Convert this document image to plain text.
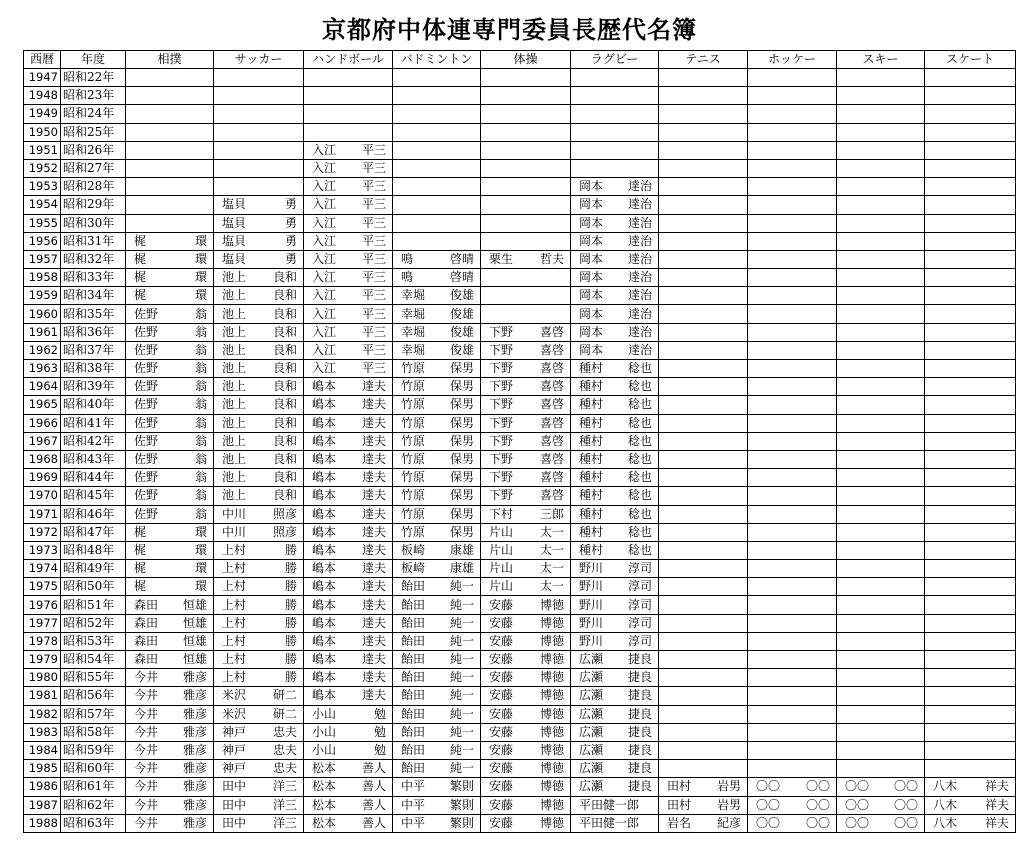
京都府中体連専門委員長歴代名簿
西暦	年度	相撲	サッカー	ハンドボール	バドミントン	体操	ラグビー	テニス	ホッケー	スキー	スケート
1947	昭和22年	

1948	昭和23年	

1949	昭和24年	

1950	昭和25年	

1951	昭和26年			入江 平三							

1952	昭和27年			入江 平三							

1953	昭和28年			入江 平三			岡本 達治				

1954	昭和29年		塩貝 勇	入江 平三			岡本 達治				

1955	昭和30年		塩貝 勇	入江 平三			岡本 達治				

1956	昭和31年	梶 環	塩貝 勇	入江 平三			岡本 達治				

1957	昭和32年	梶 環	塩貝 勇	入江 平三	鳴 啓晴	栗生 哲夫	岡本 達治				

1958	昭和33年	梶 環	池上 良和	入江 平三	鳴 啓晴		岡本 達治				

1959	昭和34年	梶 環	池上 良和	入江 平三	幸堀 俊雄		岡本 達治				

1960	昭和35年	佐野 翁	池上 良和	入江 平三	幸堀 俊雄		岡本 達治				

1961	昭和36年	佐野 翁	池上 良和	入江 平三	幸堀 俊雄	下野 喜啓	岡本 達治				

1962	昭和37年	佐野 翁	池上 良和	入江 平三	幸堀 俊雄	下野 喜啓	岡本 達治				

1963	昭和38年	佐野 翁	池上 良和	入江 平三	竹原 保男	下野 喜啓	種村 稔也				

1964	昭和39年	佐野 翁	池上 良和	嶋本 達夫	竹原 保男	下野 喜啓	種村 稔也				

1965	昭和40年	佐野 翁	池上 良和	嶋本 達夫	竹原 保男	下野 喜啓	種村 稔也				

1966	昭和41年	佐野 翁	池上 良和	嶋本 達夫	竹原 保男	下野 喜啓	種村 稔也				

1967	昭和42年	佐野 翁	池上 良和	嶋本 達夫	竹原 保男	下野 喜啓	種村 稔也				

1968	昭和43年	佐野 翁	池上 良和	嶋本 達夫	竹原 保男	下野 喜啓	種村 稔也				

1969	昭和44年	佐野 翁	池上 良和	嶋本 達夫	竹原 保男	下野 喜啓	種村 稔也				

1970	昭和45年	佐野 翁	池上 良和	嶋本 達夫	竹原 保男	下野 喜啓	種村 稔也				

1971	昭和46年	佐野 翁	中川 照彦	嶋本 達夫	竹原 保男	下村 三郎	種村 稔也				

1972	昭和47年	梶 環	中川 照彦	嶋本 達夫	竹原 保男	片山 太一	種村 稔也				

1973	昭和48年	梶 環	上村 勝	嶋本 達夫	板崎 康雄	片山 太一	種村 稔也				

1974	昭和49年	梶 環	上村 勝	嶋本 達夫	板崎 康雄	片山 太一	野川 淳司				

1975	昭和50年	梶 環	上村 勝	嶋本 達夫	飴田 純一	片山 太一	野川 淳司				

1976	昭和51年	森田 恒雄	上村 勝	嶋本 達夫	飴田 純一	安藤 博徳	野川 淳司				

1977	昭和52年	森田 恒雄	上村 勝	嶋本 達夫	飴田 純一	安藤 博徳	野川 淳司				

1978	昭和53年	森田 恒雄	上村 勝	嶋本 達夫	飴田 純一	安藤 博徳	野川 淳司				

1979	昭和54年	森田 恒雄	上村 勝	嶋本 達夫	飴田 純一	安藤 博徳	広瀬 捷良				

1980	昭和55年	今井 雅彦	上村 勝	嶋本 達夫	飴田 純一	安藤 博徳	広瀬 捷良				

1981	昭和56年	今井 雅彦	米沢 研二	嶋本 達夫	飴田 純一	安藤 博徳	広瀬 捷良				

1982	昭和57年	今井 雅彦	米沢 研二	小山 勉	飴田 純一	安藤 博徳	広瀬 捷良				

1983	昭和58年	今井 雅彦	神戸 忠夫	小山 勉	飴田 純一	安藤 博徳	広瀬 捷良				

1984	昭和59年	今井 雅彦	神戸 忠夫	小山 勉	飴田 純一	安藤 博徳	広瀬 捷良				

1985	昭和60年	今井 雅彦	神戸 忠夫	松本 善人	飴田 純一	安藤 博徳	広瀬 捷良				

1986	昭和61年	今井 雅彦	田中 洋三	松本 善人	中平 繁則	安藤 博徳	広瀬 捷良	田村 岩男	〇〇 〇〇	〇〇 〇〇	八木 祥夫

1987	昭和62年	今井 雅彦	田中 洋三	松本 善人	中平 繁則	安藤 博徳	平田健一郎	田村 岩男	〇〇 〇〇	〇〇 〇〇	八木 祥夫

1988	昭和63年	今井 雅彦	田中 洋三	松本 善人	中平 繁則	安藤 博徳	平田健一郎	岩名 紀彦	〇〇 〇〇	〇〇 〇〇	八木 祥夫
